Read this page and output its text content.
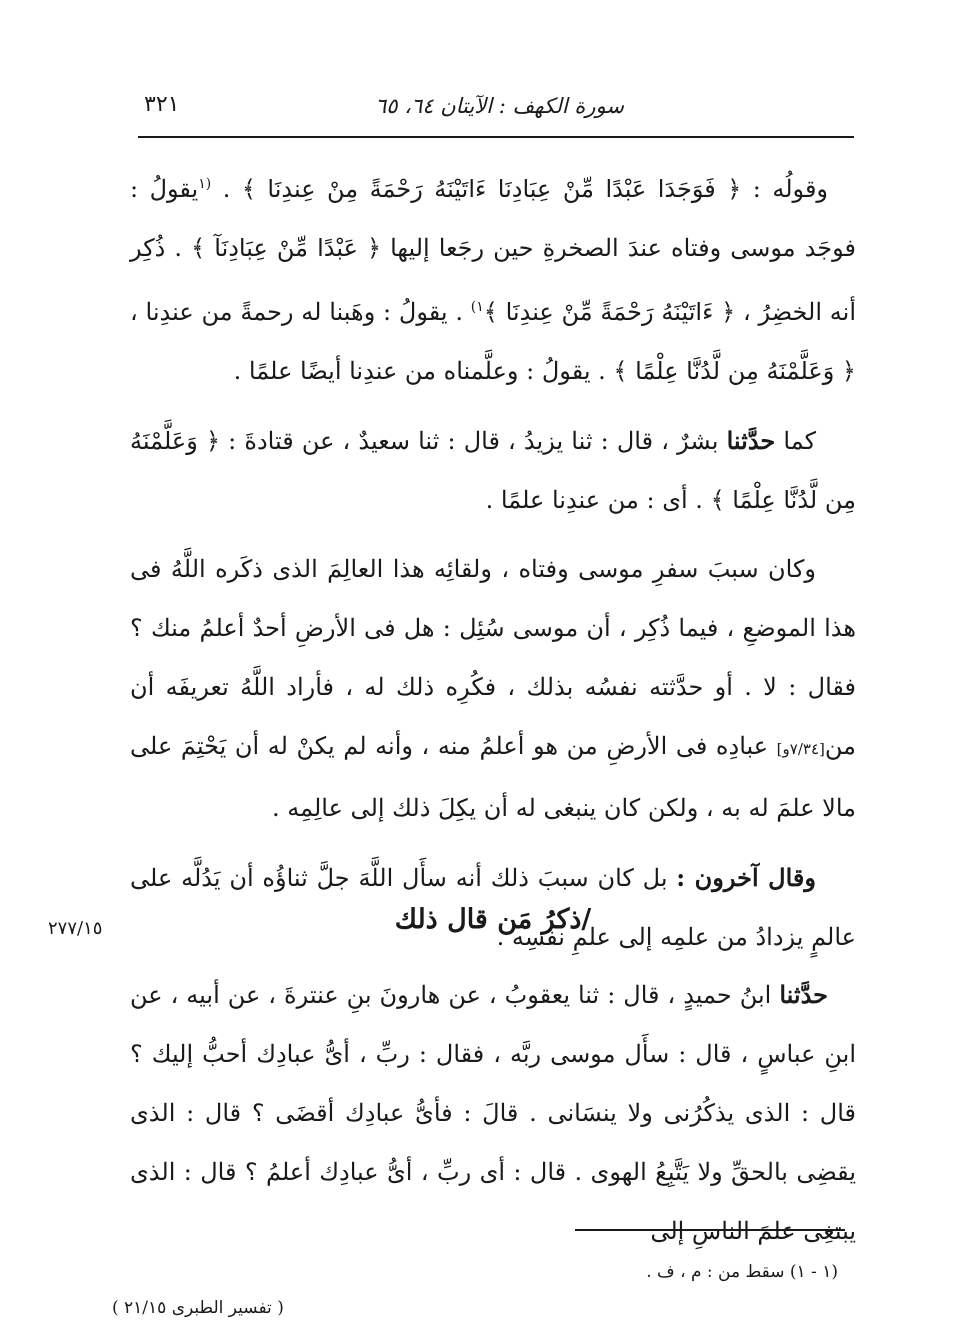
٣٢١	سورة الكهف : الآيتان ٦٤، ٦٥

وقولُه : ﴿ فَوَجَدَا عَبْدًا مِّنْ عِبَادِنَا ءَاتَيْنَهُ رَحْمَةً مِنْ عِندِنَا ﴾ . $^{(١}$يقولُ : فوجَد موسى وفتاه عندَ الصخرةِ حين رجَعا إليها ﴿ عَبْدًا مِّنْ عِبَادِنَآ ﴾ . ذُكِر أنه الخضِرُ ، ﴿ ءَاتَيْنَهُ رَحْمَةً مِّنْ عِندِنَا ﴾$^{١)}$ . يقولُ : وهَبنا له رحمةً من عندِنا ، ﴿ وَعَلَّمْنَهُ مِن لَّدُنَّا عِلْمًا ﴾ . يقولُ : وعلَّمناه من عندِنا أيضًا علمًا .

كما حدَّثنا بشرٌ ، قال : ثنا يزيدُ ، قال : ثنا سعيدٌ ، عن قتادةَ : ﴿ وَعَلَّمْنَهُ مِن لَّدُنَّا عِلْمًا ﴾ . أى : من عندِنا علمًا .

وكان سببَ سفرِ موسى وفتاه ، ولقائِه هذا العالِمَ الذى ذكَره اللَّهُ فى هذا الموضعِ ، فيما ذُكِر ، أن موسى سُئِل : هل فى الأرضِ أحدٌ أعلمُ منك ؟ فقال : لا . أو حدَّثته نفسُه بذلك ، فكُرِه ذلك له ، فأراد اللَّهُ تعريفَه أن من[٧/٣٤و] عبادِه فى الأرضِ من هو أعلمُ منه ، وأنه لم يكنْ له أن يَحْتِمَ على مالا علمَ له به ، ولكن كان ينبغى له أن يكِلَ ذلك إلى عالِمِه .

وقال آخرون : بل كان سببَ ذلك أنه سأَل اللَّهَ جلَّ ثناؤُه أن يَدُلَّه على عالمٍ يزدادُ من علمِه إلى علمِ نفسِه .

/ذكرُ مَن قال ذلك
٢٧٧/١٥

حدَّثنا ابنُ حميدٍ ، قال : ثنا يعقوبُ ، عن هارونَ بنِ عنترةَ ، عن أبيه ، عن ابنِ عباسٍ ، قال : سأَل موسى ربَّه ، فقال : ربِّ ، أىُّ عبادِك أحبُّ إليك ؟ قال : الذى يذكُرُنى ولا ينسَانى . قالَ : فأىُّ عبادِك أقضَى ؟ قال : الذى يقضِى بالحقِّ ولا يَتَّبِعُ الهوى . قال : أى ربِّ ، أىُّ عبادِك أعلمُ ؟ قال : الذى يبتغِى علمَ الناسِ إلى

(١ - ١) سقط من : م ، ف .
( تفسير الطبرى ٢١/١٥ )
